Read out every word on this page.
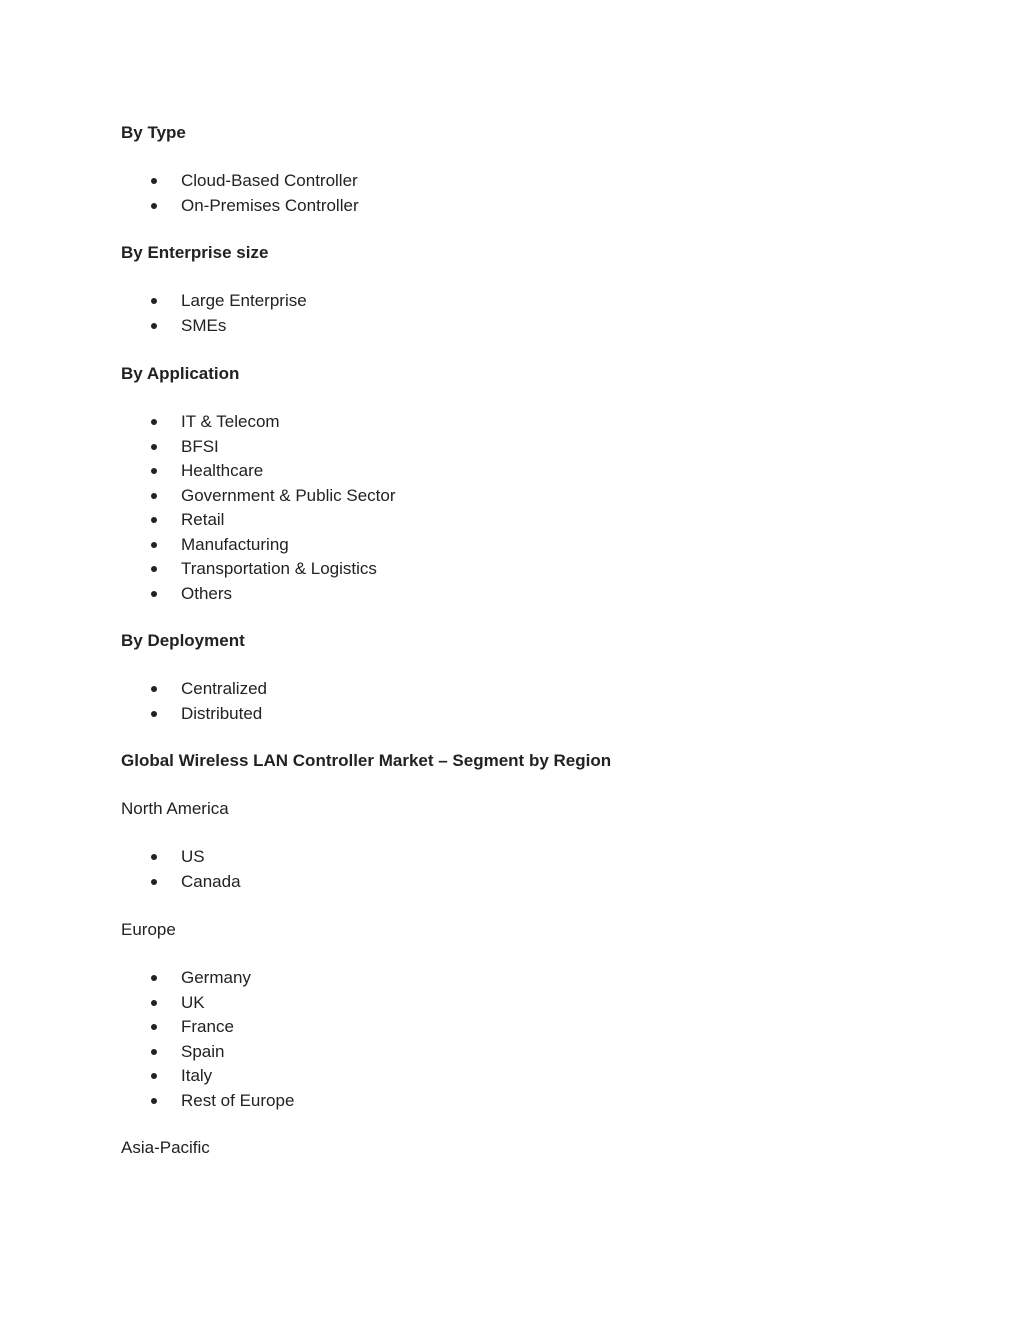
By Type
Cloud-Based Controller
On-Premises Controller
By Enterprise size
Large Enterprise
SMEs
By Application
IT & Telecom
BFSI
Healthcare
Government & Public Sector
Retail
Manufacturing
Transportation & Logistics
Others
By Deployment
Centralized
Distributed
Global Wireless LAN Controller Market – Segment by Region
North America
US
Canada
Europe
Germany
UK
France
Spain
Italy
Rest of Europe
Asia-Pacific
